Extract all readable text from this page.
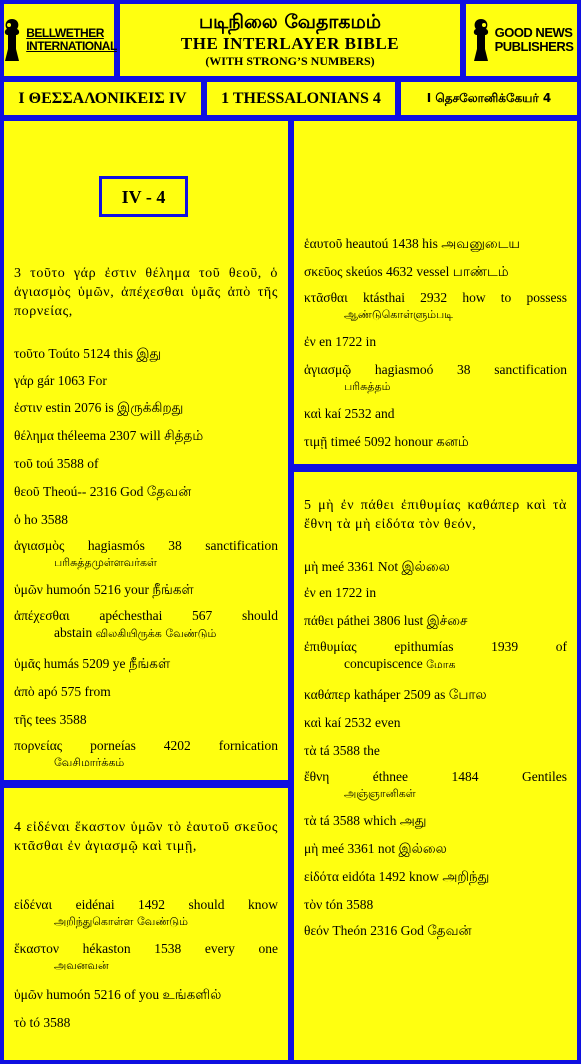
BELLWETHER
INTERNATIONAL
படிநிலை வேதாகமம்
THE INTERLAYER BIBLE
(WITH STRONG’S NUMBERS)
GOOD NEWS
PUBLISHERS
I ΘΕΣΣΑΛΟΝΙΚΕΙΣ IV	1 THESSALONIANS 4	I தெசலோனிக்கேயர் 4
IV - 4
3 τοῦτο γάρ ἐστιν θέλημα τοῦ θεοῦ, ὁ ἁγιασμὸς ὑμῶν, ἀπέχεσθαι ὑμᾶς ἀπὸ τῆς πορνείας,
τοῦτο Toúto 5124 this இது
γάρ gár 1063 For
ἐστιν estin 2076 is இருக்கிறது
θέλημα théleema 2307 will சித்தம்
τοῦ toú 3588 of
θεοῦ Theoú-- 2316 God தேவன்
ὁ ho 3588
ἁγιασμὸς hagiasmós 38 sanctification
பரிசுத்தமுள்ளவர்கள்
ὑμῶν humoón 5216 your நீங்கள்
ἀπέχεσθαι apéchesthai 567 should
abstain விலகியிருக்க வேண்டும்
ὑμᾶς humás 5209 ye நீங்கள்
ἀπὸ apó 575 from
τῆς tees 3588
πορνείας porneías 4202 fornication
வேசிமார்க்கம்
4 εἰδέναι ἕκαστον ὑμῶν τὸ ἑαυτοῦ σκεῦος κτᾶσθαι ἐν ἁγιασμῷ καὶ τιμῇ,
εἰδέναι eidénai 1492 should know
அறிந்துகொள்ள வேண்டும்
ἕκαστον hékaston 1538 every one
அவனவன்
ὑμῶν humoón 5216 of you உங்களில்
τὸ tó 3588
ἑαυτοῦ heautoú 1438 his அவனுடைய
σκεῦος skeúos 4632 vessel பாண்டம்
κτᾶσθαι ktásthai 2932 how to possess
ஆண்டுகொள்ளும்படி
ἐν en 1722 in
ἁγιασμῷ hagiasmoó 38 sanctification
பரிசுத்தம்
καὶ kaí 2532 and
τιμῇ timeé 5092 honour கனம்
5 μὴ ἐν πάθει ἐπιθυμίας καθάπερ καὶ τὰ ἔθνη τὰ μὴ εἰδότα τὸν θεόν,
μὴ meé 3361 Not இல்லை
ἐν en 1722 in
πάθει páthei 3806 lust இச்சை
ἐπιθυμίας epithumías 1939 of
concupiscence மோக
καθάπερ katháper 2509 as போல
καὶ kaí 2532 even
τὰ tá 3588 the
ἔθνη éthnee 1484 Gentiles
அஞ்ஞானிகள்
τὰ tá 3588 which அது
μὴ meé 3361 not இல்லை
εἰδότα eidóta 1492 know அறிந்து
τὸν tón 3588
θεόν Theón 2316 God தேவன்
